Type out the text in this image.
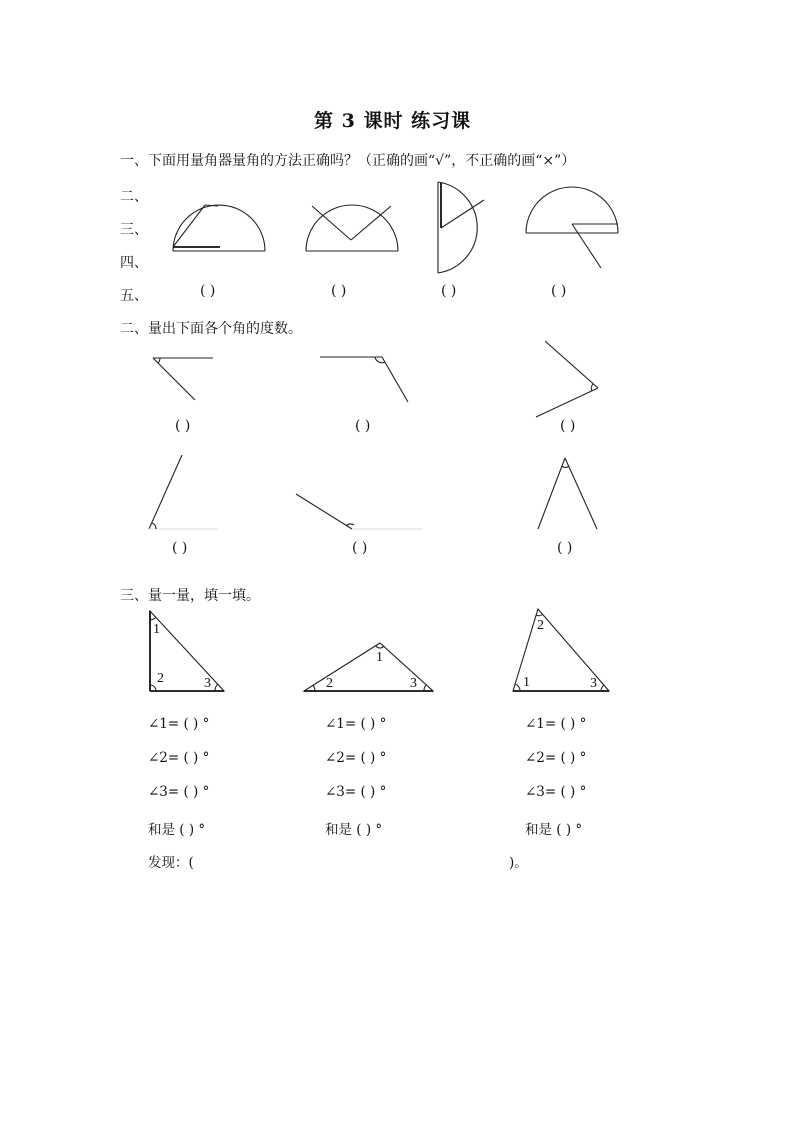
第 3 课时 练习课
一、下面用量角器量角的方法正确吗？（正确的画“√”，不正确的画“×”）
二、
三、
四、
五、	( )	( )	( )	( )
二、量出下面各个角的度数。
( )	( )	( )
( )	( )	( )
三、量一量，填一填。
1
2	3
1
2	3	1
2
3
∠1= ( ) °
∠2= ( ) °
∠3= ( ) °
和是 ( ) °
∠1= ( ) °
∠2= ( ) °
∠3= ( ) °
和是 ( ) °
∠1= ( ) °
∠2= ( ) °
∠3= ( ) °
和是 ( ) °
发现：(	)。
